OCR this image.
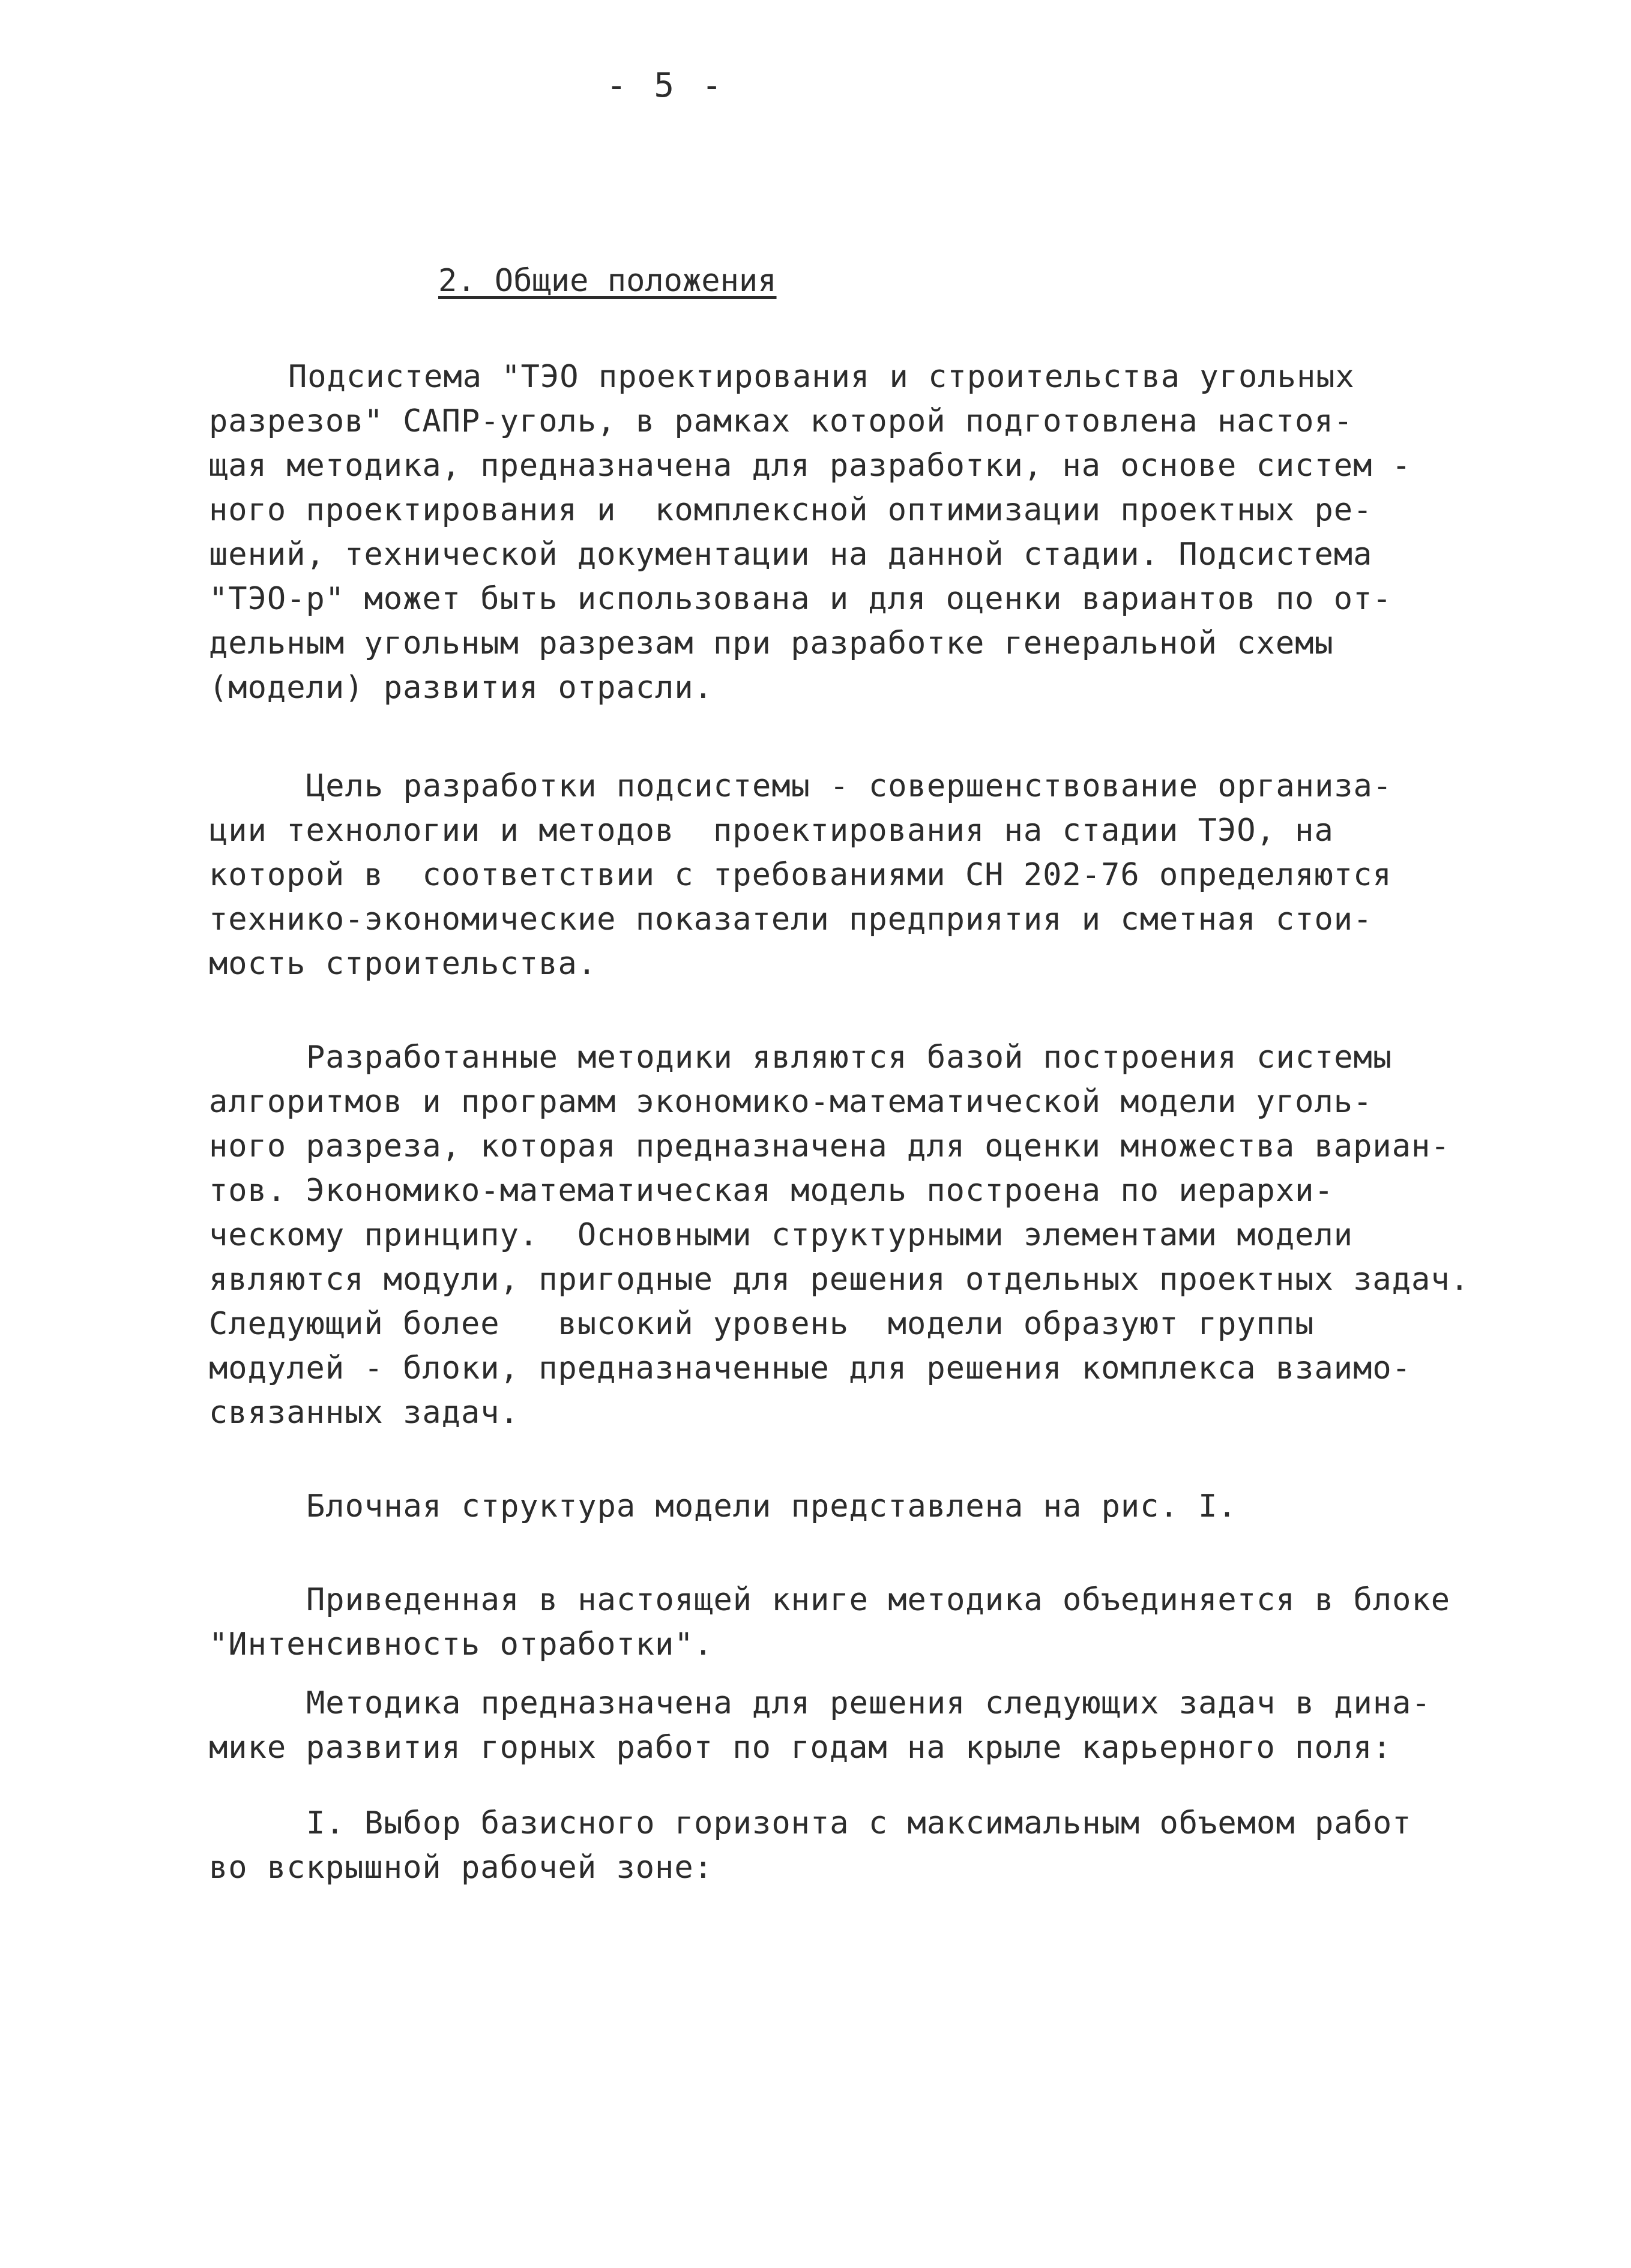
- 5 -
2. Общие положения
Подсистема "ТЭО проектирования и строительства угольных
разрезов" САПР-уголь, в рамках которой подготовлена настоя-
щая методика, предназначена для разработки, на основе систем -
ного проектирования и  комплексной оптимизации проектных ре-
шений, технической документации на данной стадии. Подсистема
"ТЭО-р" может быть использована и для оценки вариантов по от-
дельным угольным разрезам при разработке генеральной схемы
(модели) развития отрасли.
Цель разработки подсистемы - совершенствование организа-
ции технологии и методов  проектирования на стадии ТЭО, на
которой в  соответствии с требованиями СН 202-76 определяются
технико-экономические показатели предприятия и сметная стои-
мость строительства.
Разработанные методики являются базой построения системы
алгоритмов и программ экономико-математической модели уголь-
ного разреза, которая предназначена для оценки множества вариан-
тов. Экономико-математическая модель построена по иерархи-
ческому принципу.  Основными структурными элементами модели
являются модули, пригодные для решения отдельных проектных задач.
Следующий более   высокий уровень  модели образуют группы
модулей - блоки, предназначенные для решения комплекса взаимо-
связанных задач.
Блочная структура модели представлена на рис. I.
Приведенная в настоящей книге методика объединяется в блоке
"Интенсивность отработки".
Методика предназначена для решения следующих задач в дина-
мике развития горных работ по годам на крыле карьерного поля:
I. Выбор базисного горизонта с максимальным объемом работ
во вскрышной рабочей зоне:
